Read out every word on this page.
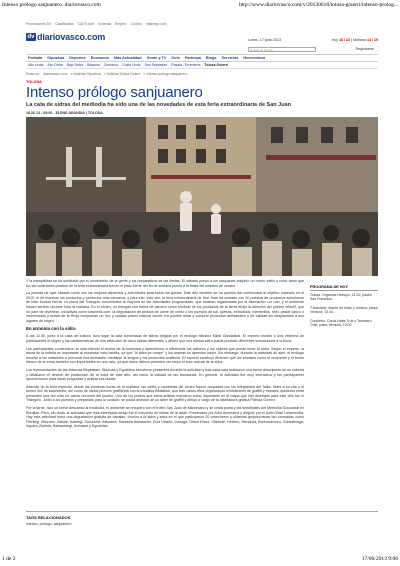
Intenso prólogo sanjuanero. diariovasco.com	http://www.diariovasco.com/v/20130616/tolosa-goierri/intenso-prolog...
Promociones DV Clasificados 11870.com Vivienda Empleo Coches miarroyo.com
dv diariovasco.com	Lunes, 17 junio 2013	Hoy 16 / 22 | Mañana 14 / 19
buscar en la web	Registrarse
Portada Gipuzkoa Deportes Economía Más Actualidad Gente y TV Ocio Participa Blogs Servicios Hemeroteca
Alto Urola Alto Deba Bajo Deba Bidasoa Comarca Costa Urola San Sebastián Pasaia - Errenteria Tolosa-Goierri
Estás en: diariovasco.com » Noticias Gipuzkoa » Noticias Tolosa Goierri » Intenso prólogo sanjuanero
TOLOSA
Intenso prólogo sanjuanero
La cata de sidras del mediodía ha sido una de las novedades de esta feria extraordinaria de San Juan
16.06.13 - 00:00 - ELENE ARANDIA | TOLOSA.

Y la tranquilidad se ha sustituido por el movimiento de la gente y los preparativos de las fiestas. El sábado previo a los sanjuanes adquirió un nuevo estilo y color, tanto que los tan codiciados puestos de la feria extraordinaria fueron el plato fuerte del fin de semana previo a la fiesta del solsticio de verano.

La jornada de ayer sábado contó con los mejores alimentos y actividades para todos los gustos. Este año también se ha querido dar continuidad al objetivo marcado en el 2010, el de impulsar los productos y productos más cercanos, y para ello, este vez, la feria extraordinaria de San Juan ha contado con 30 puestos de productos autóctonos de todo Euskal Herria. La plaza del Triángulo concentraba la mayoría de las actividades programadas, que estaban organizadas por la asociación Lur Lan, y el ambiente estuvo servido durante toda la mañana. En el centro, un tobogán con forma de carnero como símbolo de los productos de la tierra atrajo la atención del público infantil, que no paró de divertirse. Iniciativas como basemilk.com, la degustación de pintxos de carne de cerdo o los puestos de sal, quesos, embutidos, membrillos, miel, pastel vasco o mermeladas y mosto de la Rioja componían un rico y variado paseo matinal donde era posible mirar y comprar productos artesanales y de calidad sin desplazarse a sus lugares de origen.

En armonía con la sidra

A las 12.30, junto a la casa de cultura, tuvo lugar la cata comentada de sidras dirigida por el enólogo bilbaíno Mikel Garaizabal. El experto mostró a una veintena de participantes el origen y las características de una selección de cinco sidras diferentes, y afirmó que una misma sidra puede producir diferentes sensaciones a la boca.

Los participantes comenzaron la cata oliendo el aroma de la manzana y aprendieron a diferenciar los sabores y los colores que puede tener la sidra. Según el experto, la altura de la botella es importante al escanciar esta bebida, ya que "la sidra se rompe" y los aromas se aprecian mejor. Sin embargo, durante la actividad de ayer, el enólogo enseñó a los catadores a provocar esa sensación mediante la lengua y los conductos auditivos. El experto concluyó diciendo que los envases como el recipiente y el fondo blanco de la mesa también son importantes en una cata, ya que éstos últimos permiten ver mejor el tono natural de la sidra.

Los representantes de las sidrerías Begiristain, Aburuza y Eguzkitza estuvieron presentes durante la actividad y tras cada cata realizaron una breve descripción de su sidrería y detallaron el devenir de producción de la sidra de este año, así como la calidad de las manzanas. En general, la actividad fue muy interactiva y los participantes aprovecharon para hacer preguntas y aclarar sus dudas.

Además de la feria especial, desde las primeras horas de la mañana, las calles y carreteras del centro fueron ocupadas por los integrantes del Talka, fieles a su cita y el tomeo 3x3 de baloncesto, así como de varios jóvenes graffiteros con la iniciativa Beaiatsul, que tras varios años organizando exhibiciones de graffiti y murales, quisieron estar presentes una vez más en varios rincones del pueblo. Uno de los puntos que estos artistas marcaron como importante en el mapa que han diseñado para este año fue el Triángulo. Junto a los puestos y preparado para la ocasión, se podía disfrutar de un taller de graffiti y dibujo a cargo de la diseñadora gráfica Patricia Gómez.

Por la tarde, hizo un breve descanso al mediodía, el ambiente se recuperó con el trofeo San Juan de balonmano y de cesta punta y las semifinales del Memorial Sorozabal en Bordilan. Pero, sin duda, la actividad que más interesado atrajo fue el concierto de sidras de la tarde. Presentado por Aitor Amenarriz y dirigido por el joven Iñaki Letamendia. Hay esta actividad hubo una degustación gratuita de bacalao, chorizo a la sidra y sidra en el que participaron 20 cosecheros y sidrerías guipuzcoanas tan conocidas como Petritegi, Aburuza, Zabale, Isastegi, Gurutzeta, Altuzarra, Sarasola Astiasarán, Eula Urtarte, Lizeaga, Oibua Etxea, Olarbide, Herrero, Mendiola, Barecicarburu, Gartzialosga, Irigoien-Zubieta, Barkaoldegi, Ardoaiari y Eguzkitza.

PROGRAMA DE HOY
Tolosa. Organiza Harrapo. 11.00, paseo San Francisco.
T'xistularis. Alarde de txistu y música, plaza Verdura, 13.00.
Concierto. Coros Habe Truk y Tanbaarri Txiki, plaza Verdura, 19.00
TAGS RELACIONADOS
intenso, prólogo, sanjuanero
1 de 2	17/06/2013 9:06
